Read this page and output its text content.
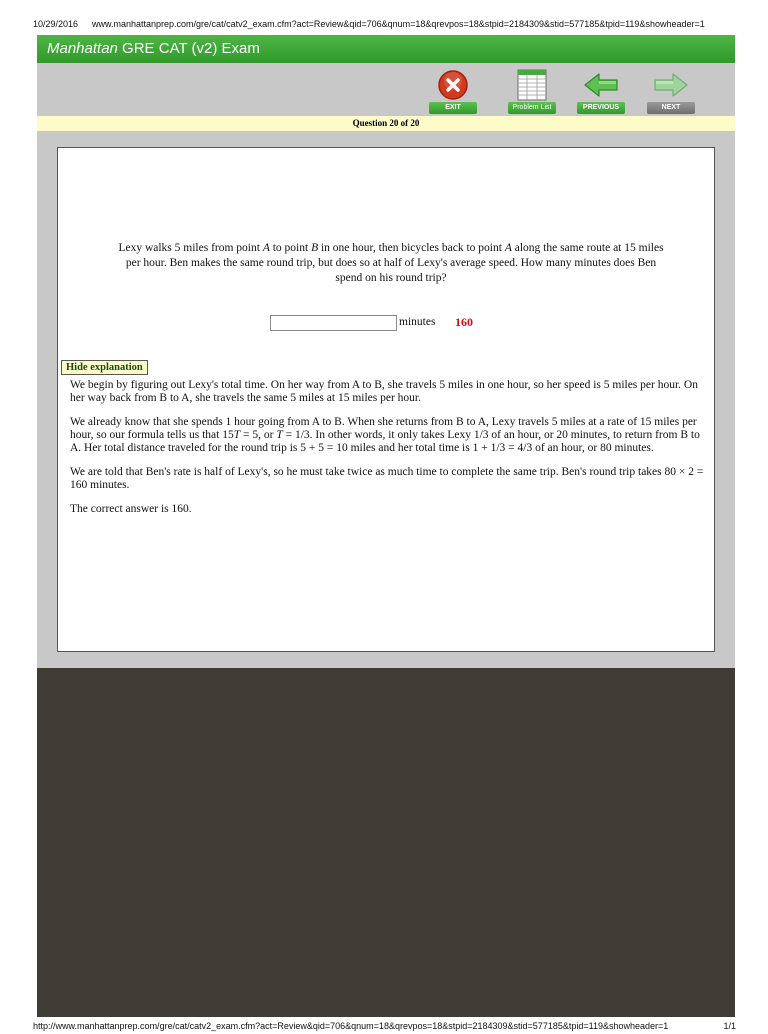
10/29/2016 www.manhattanprep.com/gre/cat/catv2_exam.cfm?act=Review&qid=706&qnum=18&qrevpos=18&stpid=2184309&stid=577185&tpid=119&showheader=1
Manhattan GRE CAT (v2) Exam
EXIT	Problem List	PREVIOUS	NEXT
Question 20 of 20
Lexy walks 5 miles from point A to point B in one hour, then bicycles back to point A along the same route at 15 miles per hour. Ben makes the same round trip, but does so at half of Lexy's average speed. How many minutes does Ben spend on his round trip?
minutes 160
Hide explanation

We begin by figuring out Lexy's total time. On her way from A to B, she travels 5 miles in one hour, so her speed is 5 miles per hour. On her way back from B to A, she travels the same 5 miles at 15 miles per hour.

We already know that she spends 1 hour going from A to B. When she returns from B to A, Lexy travels 5 miles at a rate of 15 miles per hour, so our formula tells us that 15T = 5, or T = 1/3. In other words, it only takes Lexy 1/3 of an hour, or 20 minutes, to return from B to A. Her total distance traveled for the round trip is 5 + 5 = 10 miles and her total time is 1 + 1/3 = 4/3 of an hour, or 80 minutes.

We are told that Ben's rate is half of Lexy's, so he must take twice as much time to complete the same trip. Ben's round trip takes 80 × 2 = 160 minutes.

The correct answer is 160.

http://www.manhattanprep.com/gre/cat/catv2_exam.cfm?act=Review&qid=706&qnum=18&qrevpos=18&stpid=2184309&stid=577185&tpid=119&showheader=1	1/1
